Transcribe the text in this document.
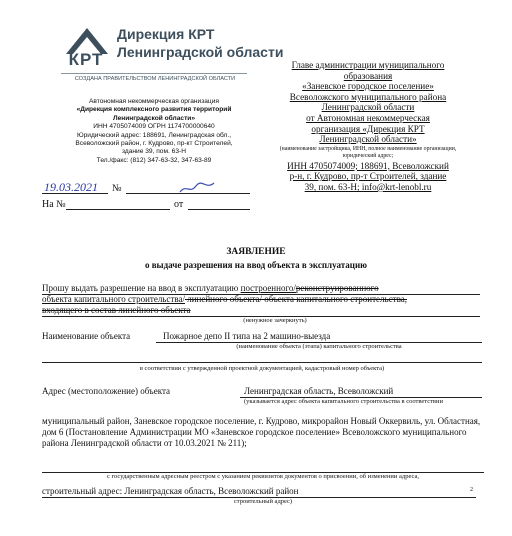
КРТ
Дирекция КРТ
Ленинградской области
СОЗДАНА ПРАВИТЕЛЬСТВОМ ЛЕНИНГРАДСКОЙ ОБЛАСТИ
Автономная некоммерческая организация
«Дирекция комплексного развития территорий
Ленинградской области»
ИНН 4705074009 ОГРН 1174700000640
Юридический адрес: 188691, Ленинградская обл.,
Всеволожский район, г. Кудрово, пр-кт Строителей,
здание 39, пом. 63-Н
Тел./факс: (812) 347-63-32, 347-63-89
19.03.2021 №
На №	от
Главе администрации муниципального
образования
«Заневское городское поселение»
Всеволожского муниципального района
Ленинградской области
от Автономная некоммерческая
организация «Дирекция КРТ
Ленинградской области»
(наименование застройщика, ИНН, полное наименование организации, юридический адрес;
ИНН 4705074009; 188691, Всеволожский
р-н, г. Кудрово, пр-т Строителей, здание
39, пом. 63-Н; info@krt-lenobl.ru
ЗАЯВЛЕНИЕ
о выдаче разрешения на ввод объекта в эксплуатацию
Прошу выдать разрешение на ввод в эксплуатацию построенного/реконструированного
объекта капитального строительства/ линейного объекта/ объекта капитального строительства,
входящего в состав линейного объекта
(ненужное зачеркнуть)
Наименование объекта	Пожарное депо II типа на 2 машино-выезда
(наименование объекта (этапа) капитального строительства
в соответствии с утвержденной проектной документацией, кадастровый номер объекта)
Адрес (местоположение) объекта	Ленинградская область, Всеволожский
(указывается адрес объекта капитального строительства в соответствии
муниципальный район, Заневское городское поселение, г. Кудрово, микрорайон Новый Оккервиль, ул. Областная, дом 6 (Постановление Администрации МО «Заневское городское поселение» Всеволожского муниципального района Ленинградской области от 10.03.2021 № 211);
с государственным адресным реестром с указанием реквизитов документов о присвоении, об изменении адреса,
строительный адрес: Ленинградская область, Всеволожский район	2
строительный адрес)
